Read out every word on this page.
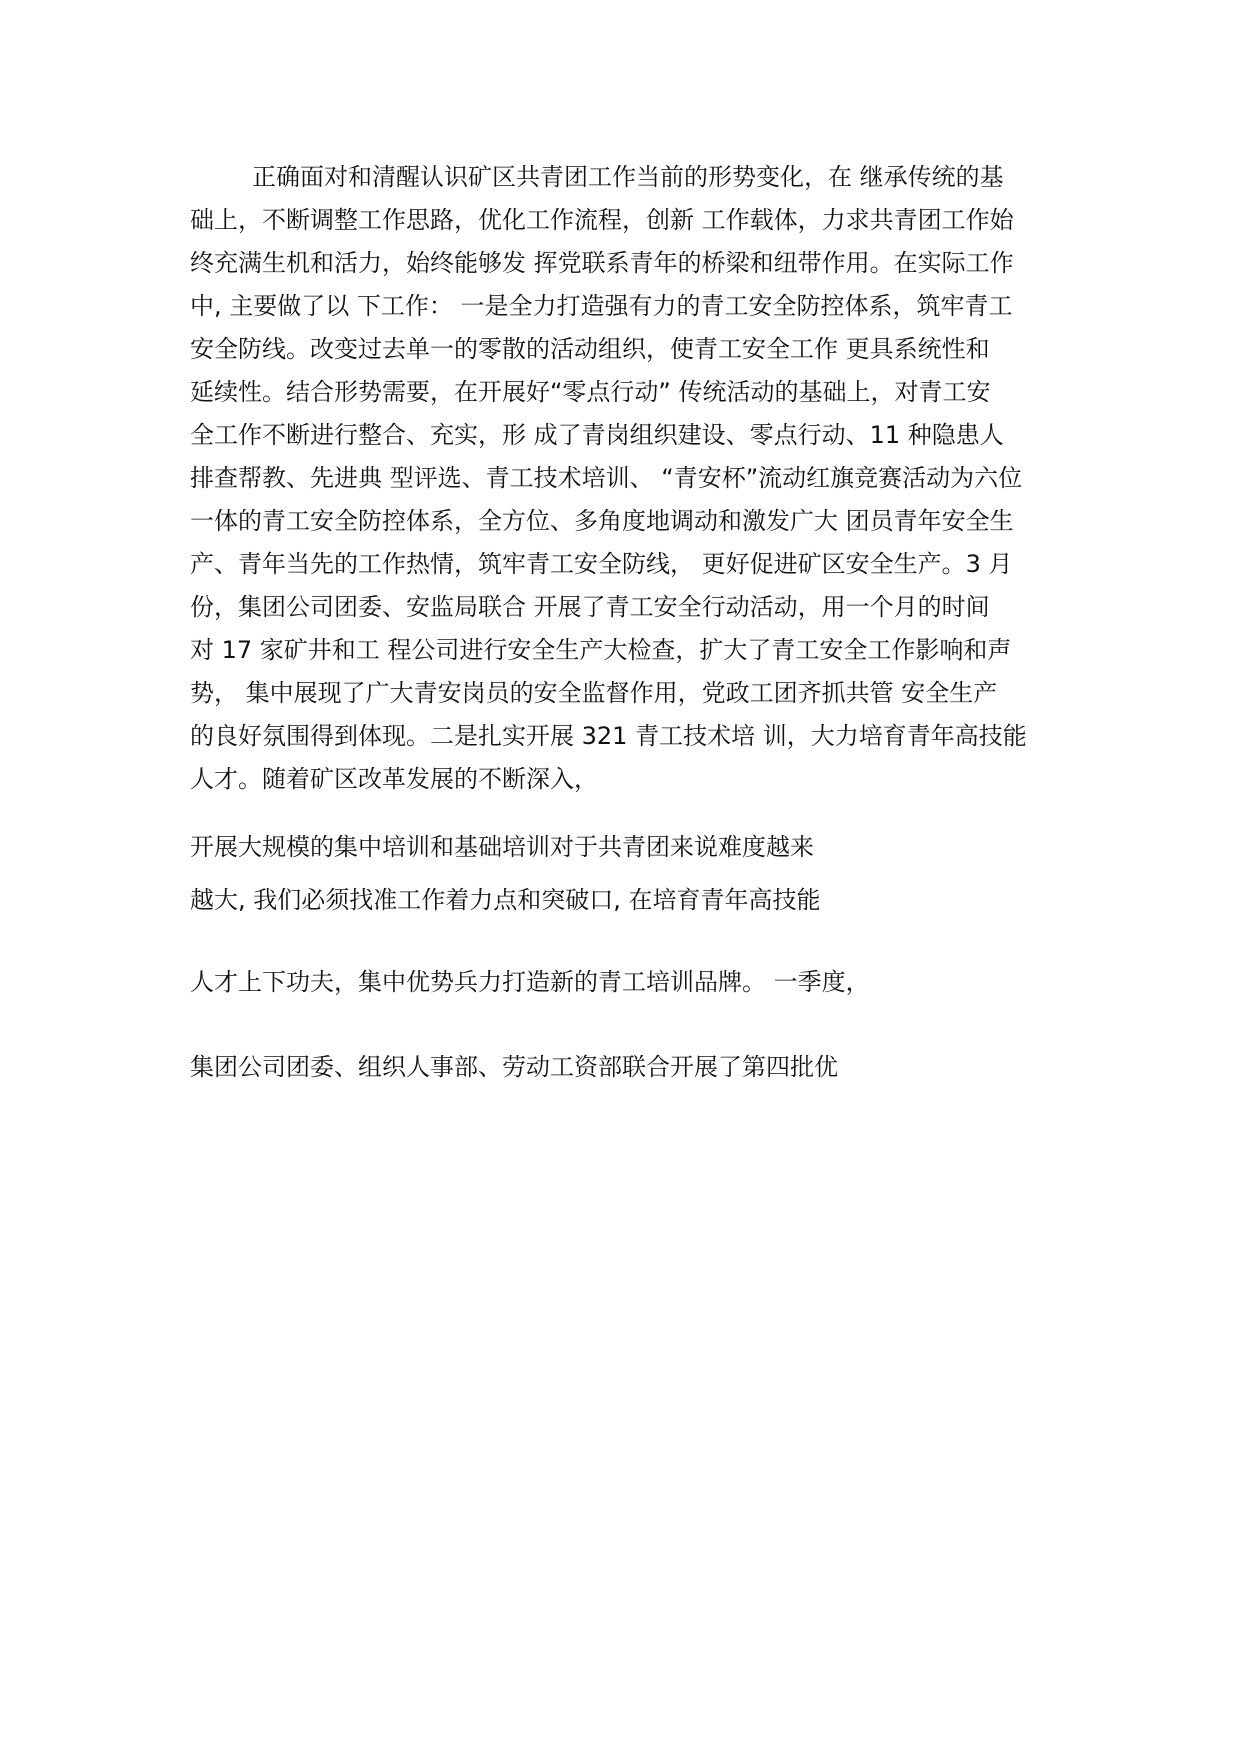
正确面对和清醒认识矿区共青团工作当前的形势变化，在 继承传统的基
础上，不断调整工作思路，优化工作流程，创新 工作载体，力求共青团工作始
终充满生机和活力，始终能够发 挥党联系青年的桥梁和纽带作用。在实际工作
中, 主要做了以 下工作： 一是全力打造强有力的青工安全防控体系，筑牢青工
安全防线。改变过去单一的零散的活动组织，使青工安全工作 更具系统性和
延续性。结合形势需要，在开展好“零点行动” 传统活动的基础上，对青工安
全工作不断进行整合、充实，形 成了青岗组织建设、零点行动、11 种隐患人
排查帮教、先进典 型评选、青工技术培训、 “青安杯”流动红旗竞赛活动为六位
一体的青工安全防控体系，全方位、多角度地调动和激发广大 团员青年安全生
产、青年当先的工作热情，筑牢青工安全防线， 更好促进矿区安全生产。3 月
份，集团公司团委、安监局联合 开展了青工安全行动活动，用一个月的时间
对 17 家矿井和工 程公司进行安全生产大检查，扩大了青工安全工作影响和声
势， 集中展现了广大青安岗员的安全监督作用，党政工团齐抓共管 安全生产
的良好氛围得到体现。二是扎实开展 321 青工技术培 训，大力培育青年高技能
人才。随着矿区改革发展的不断深入，
开展大规模的集中培训和基础培训对于共青团来说难度越来
越大, 我们必须找准工作着力点和突破口, 在培育青年高技能
人才上下功夫，集中优势兵力打造新的青工培训品牌。 一季度，
集团公司团委、组织人事部、劳动工资部联合开展了第四批优
